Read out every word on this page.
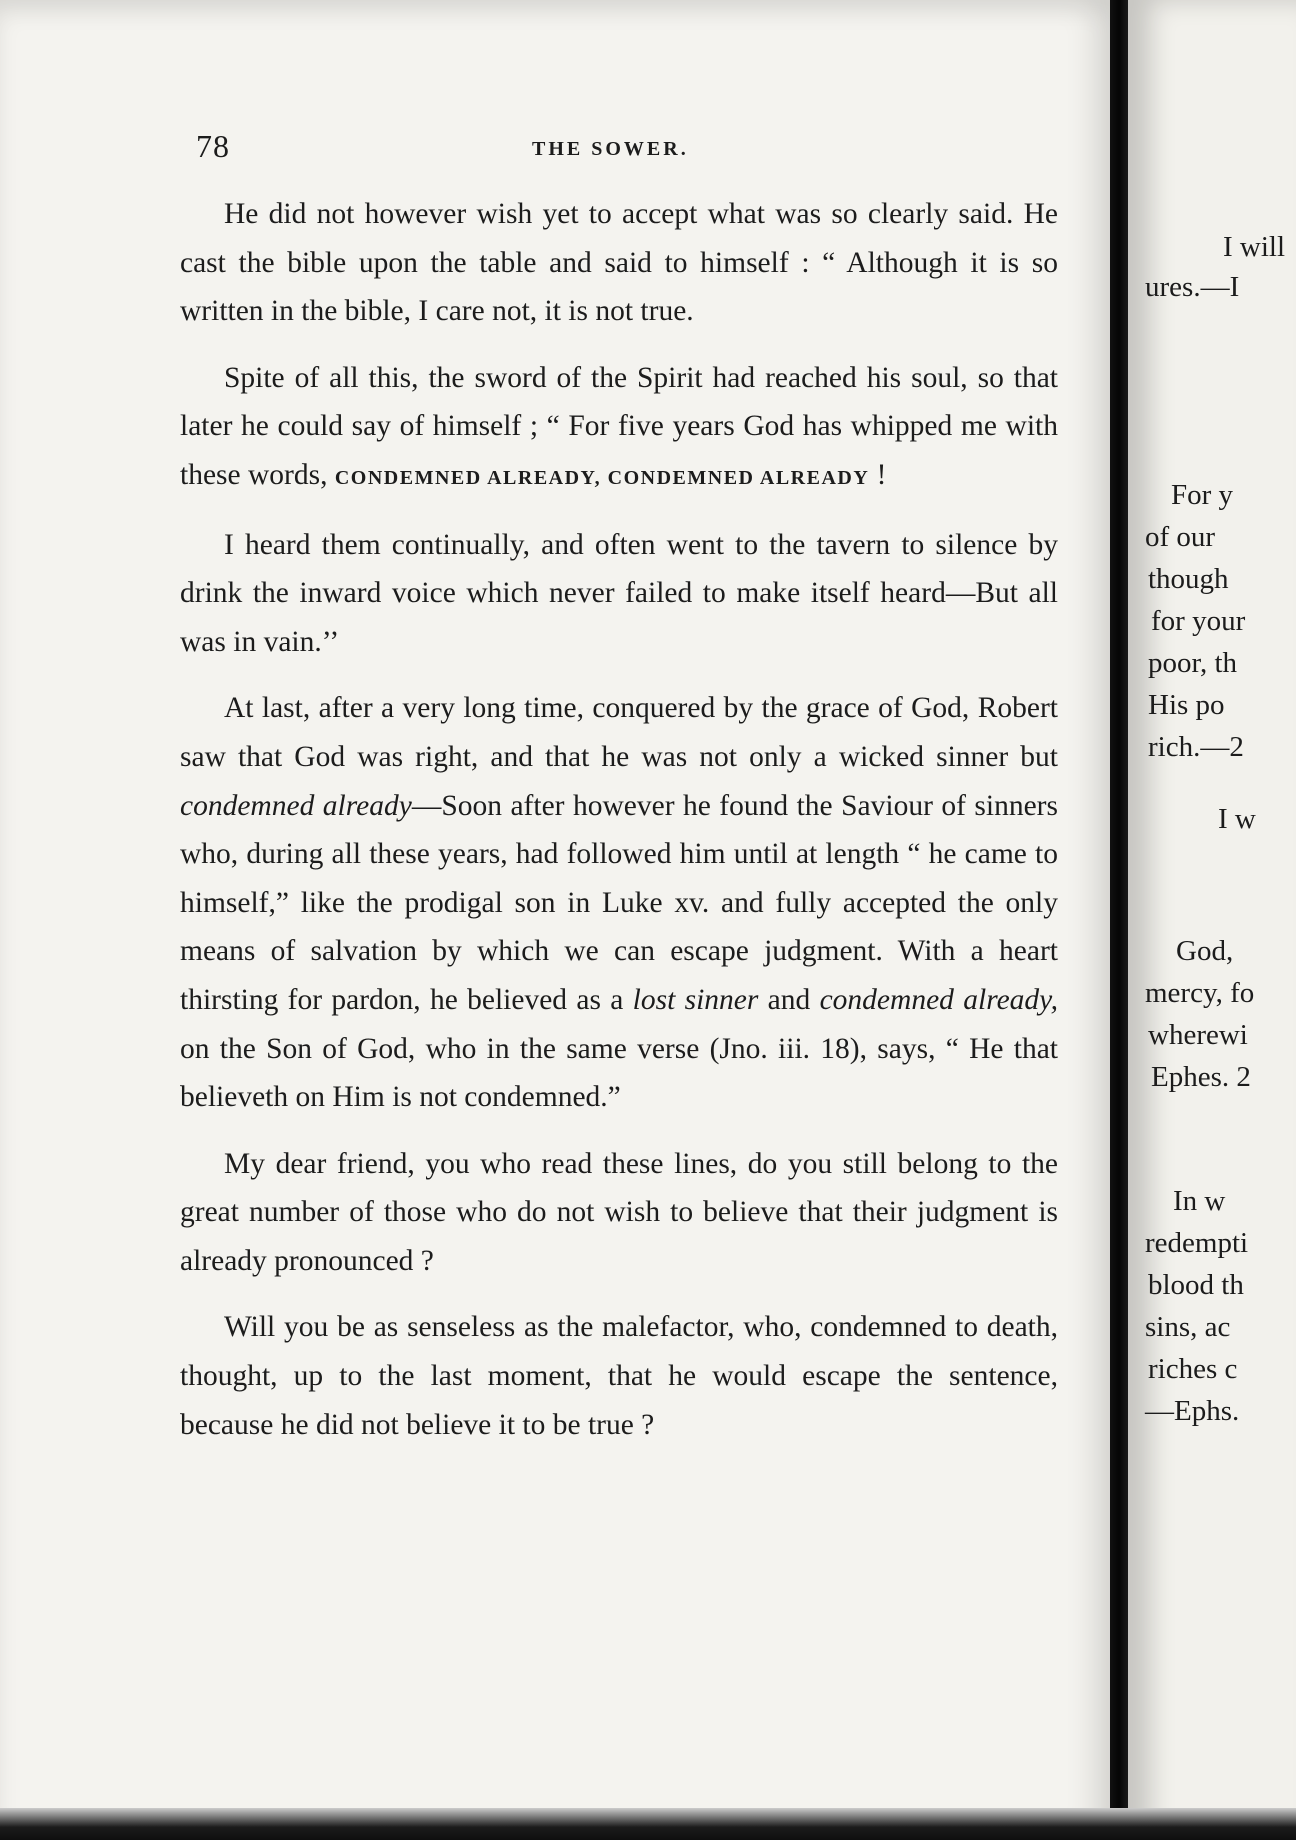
78	THE SOWER.

He did not however wish yet to accept what was so clearly said. He cast the bible upon the table and said to himself : “ Although it is so written in the bible, I care not, it is not true.

Spite of all this, the sword of the Spirit had reached his soul, so that later he could say of himself ; “ For five years God has whipped me with these words, CONDEMNED ALREADY, CONDEMNED ALREADY !

I heard them continually, and often went to the tavern to silence by drink the inward voice which never failed to make itself heard—But all was in vain.’’

At last, after a very long time, conquered by the grace of God, Robert saw that God was right, and that he was not only a wicked sinner but condemned already—Soon after however he found the Saviour of sinners who, during all these years, had followed him until at length “ he came to himself,” like the prodigal son in Luke xv. and fully accepted the only means of salvation by which we can escape judgment. With a heart thirsting for pardon, he believed as a lost sinner and condemned already, on the Son of God, who in the same verse (Jno. iii. 18), says, “ He that believeth on Him is not condemned.”

My dear friend, you who read these lines, do you still belong to the great number of those who do not wish to believe that their judgment is already pronounced ?

Will you be as senseless as the malefactor, who, condemned to death, thought, up to the last moment, that he would escape the sentence, because he did not believe it to be true ?

I will
ures.—I
For y
of our
though
for your
poor, th
His po
rich.—2
I w
God,
mercy, fo
wherewi
Ephes. 2
In w
redempti
blood th
sins, ac
riches c
—Ephs.
